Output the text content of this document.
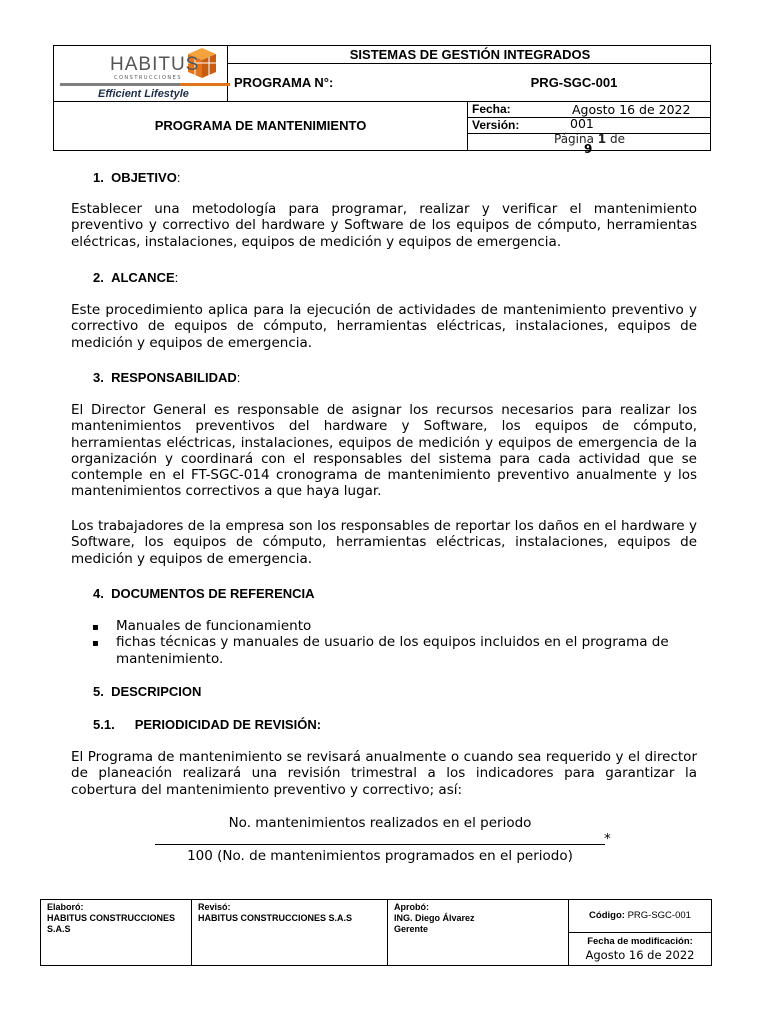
HABITUS
CONSTRUCCIONES
Efficient Lifestyle
SISTEMAS DE GESTIÓN INTEGRADOS
PROGRAMA N°:	PRG-SGC-001
PROGRAMA DE MANTENIMIENTO
Fecha:	Agosto 16 de 2022
Versión:	001
Página 1 de
9
1. OBJETIVO:
Establecer una metodología para programar, realizar y verificar el mantenimiento preventivo y correctivo del hardware y Software de los equipos de cómputo, herramientas eléctricas, instalaciones, equipos de medición y equipos de emergencia.
2. ALCANCE:
Este procedimiento aplica para la ejecución de actividades de mantenimiento preventivo y correctivo de equipos de cómputo, herramientas eléctricas, instalaciones, equipos de medición y equipos de emergencia.
3. RESPONSABILIDAD:
El Director General es responsable de asignar los recursos necesarios para realizar los mantenimientos preventivos del hardware y Software, los equipos de cómputo, herramientas eléctricas, instalaciones, equipos de medición y equipos de emergencia de la organización y coordinará con el responsables del sistema para cada actividad que se contemple en el FT-SGC-014 cronograma de mantenimiento preventivo anualmente y los mantenimientos correctivos a que haya lugar.
Los trabajadores de la empresa son los responsables de reportar los daños en el hardware y Software, los equipos de cómputo, herramientas eléctricas, instalaciones, equipos de medición y equipos de emergencia.
4. DOCUMENTOS DE REFERENCIA
▪ Manuales de funcionamiento
▪ fichas técnicas y manuales de usuario de los equipos incluidos en el programa de mantenimiento.
5. DESCRIPCION
5.1. PERIODICIDAD DE REVISIÓN:
El Programa de mantenimiento se revisará anualmente o cuando sea requerido y el director de planeación realizará una revisión trimestral a los indicadores para garantizar la cobertura del mantenimiento preventivo y correctivo; así:
No. mantenimientos realizados en el periodo
*
100 (No. de mantenimientos programados en el periodo)
Elaboró:
HABITUS CONSTRUCCIONES S.A.S
Revisó:
HABITUS CONSTRUCCIONES S.A.S
Aprobó:
ING. Diego Álvarez
Gerente
Código: PRG-SGC-001
Fecha de modificación:
Agosto 16 de 2022
